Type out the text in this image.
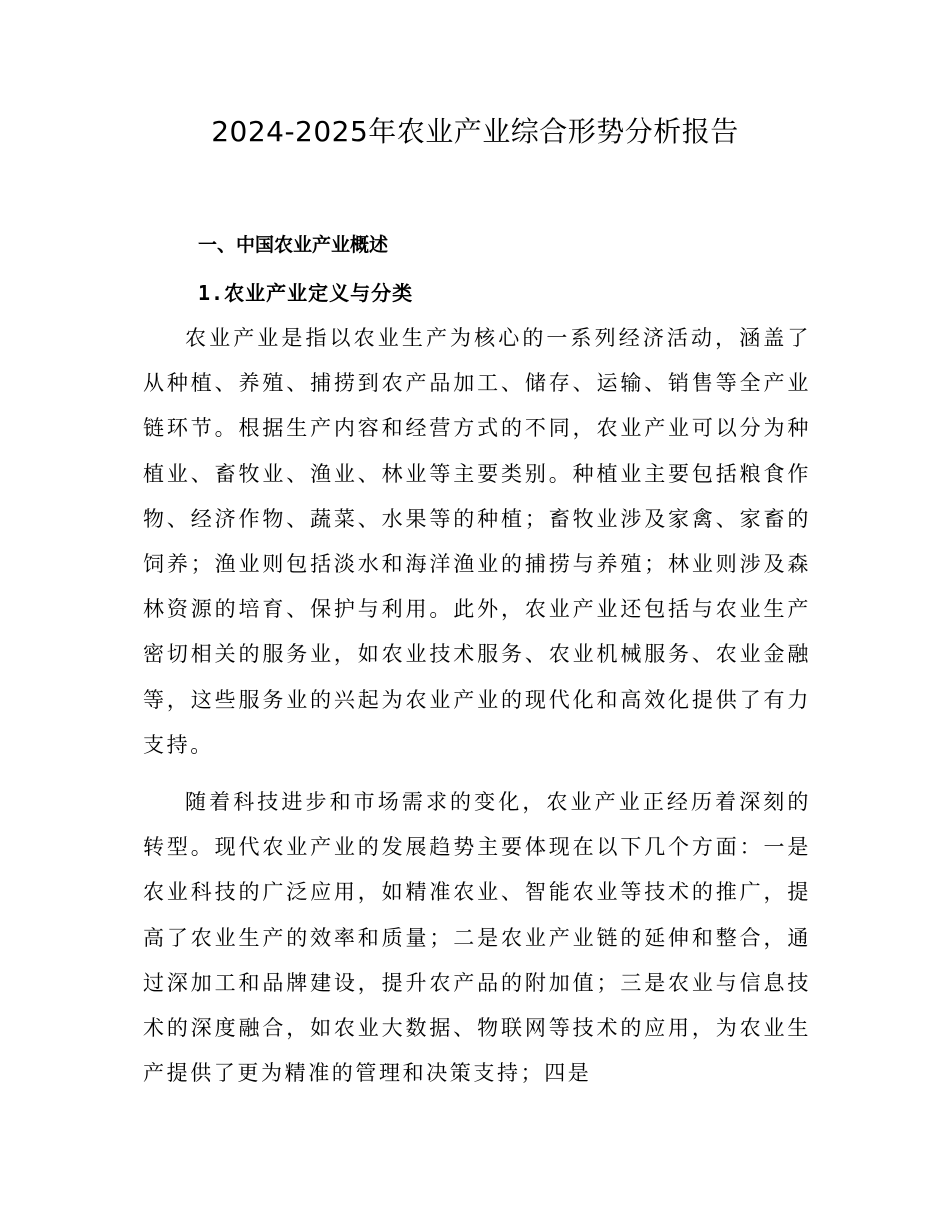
2024-2025年农业产业综合形势分析报告
一、中国农业产业概述
1.农业产业定义与分类

农业产业是指以农业生产为核心的一系列经济活动，涵盖了从种植、养殖、捕捞到农产品加工、储存、运输、销售等全产业链环节。根据生产内容和经营方式的不同，农业产业可以分为种植业、畜牧业、渔业、林业等主要类别。种植业主要包括粮食作物、经济作物、蔬菜、水果等的种植；畜牧业涉及家禽、家畜的饲养；渔业则包括淡水和海洋渔业的捕捞与养殖；林业则涉及森林资源的培育、保护与利用。此外，农业产业还包括与农业生产密切相关的服务业，如农业技术服务、农业机械服务、农业金融等，这些服务业的兴起为农业产业的现代化和高效化提供了有力支持。

随着科技进步和市场需求的变化，农业产业正经历着深刻的转型。现代农业产业的发展趋势主要体现在以下几个方面：一是农业科技的广泛应用，如精准农业、智能农业等技术的推广，提高了农业生产的效率和质量；二是农业产业链的延伸和整合，通过深加工和品牌建设，提升农产品的附加值；三是农业与信息技术的深度融合，如农业大数据、物联网等技术的应用，为农业生产提供了更为精准的管理和决策支持；四是
